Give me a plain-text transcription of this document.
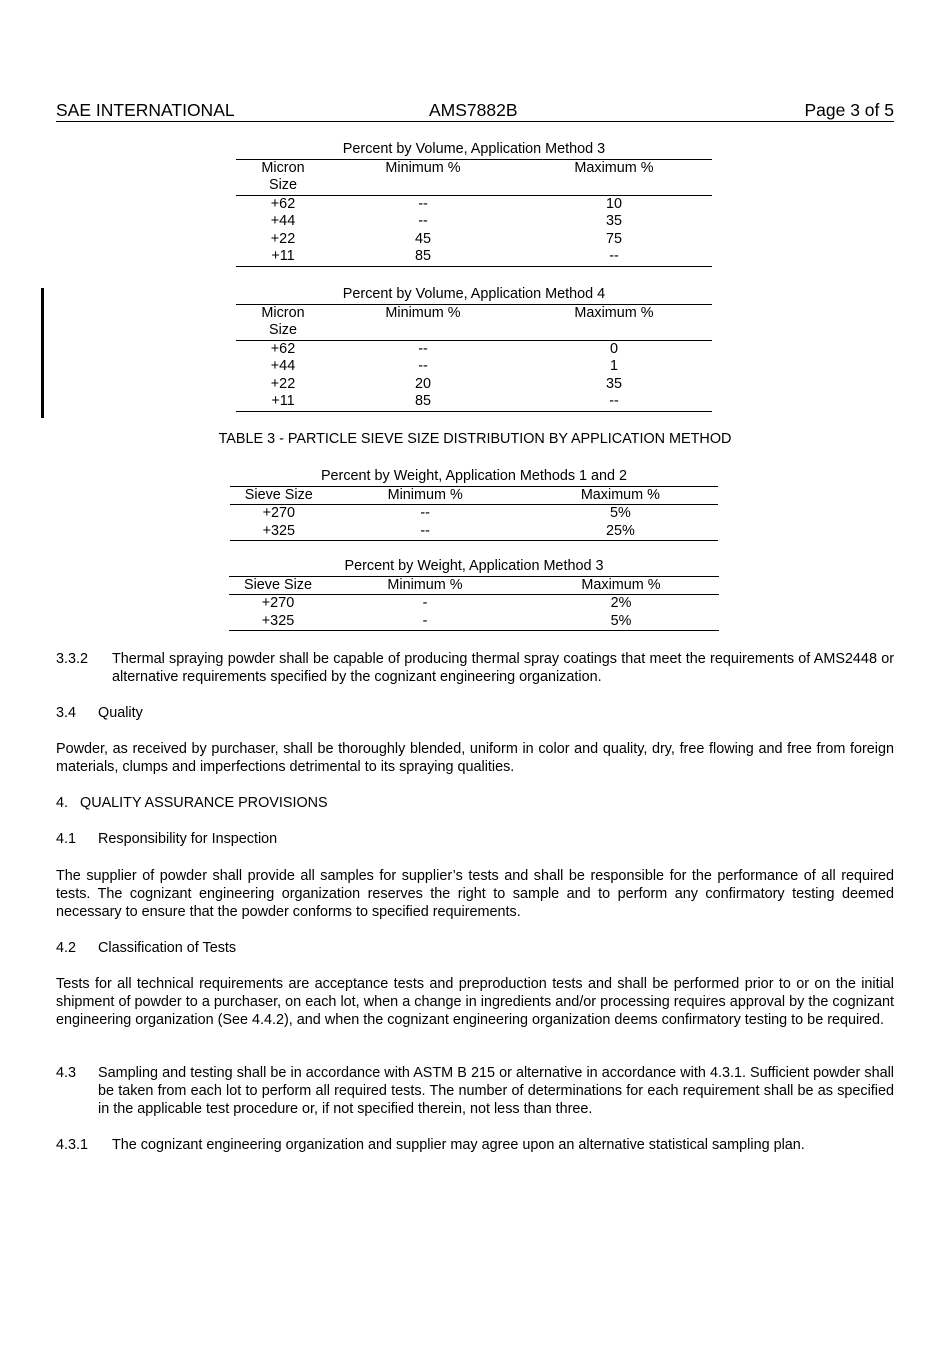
SAE INTERNATIONAL	AMS7882B	Page 3 of 5
Percent by Volume, Application Method 3
Micron
Size
Minimum %	Maximum %
+62	--	10
+44	--	35
+22	45	75
+11	85	--
Percent by Volume, Application Method 4
Micron
Size
Minimum %	Maximum %
+62	--	0
+44	--	1
+22	20	35
+11	85	--
TABLE 3 - PARTICLE SIEVE SIZE DISTRIBUTION BY APPLICATION METHOD
Percent by Weight, Application Methods 1 and 2
Sieve Size	Minimum %	Maximum %
+270	--	5%
+325	--	25%
Percent by Weight, Application Method 3
Sieve Size	Minimum %	Maximum %
+270	-	2%
+325	-	5%
3.3.2 Thermal spraying powder shall be capable of producing thermal spray coatings that meet the requirements of AMS2448 or alternative requirements specified by the cognizant engineering organization.
3.4 Quality
Powder, as received by purchaser, shall be thoroughly blended, uniform in color and quality, dry, free flowing and free from foreign materials, clumps and imperfections detrimental to its spraying qualities.
4.   QUALITY ASSURANCE PROVISIONS
4.1 Responsibility for Inspection
The supplier of powder shall provide all samples for supplier’s tests and shall be responsible for the performance of all required tests. The cognizant engineering organization reserves the right to sample and to perform any confirmatory testing deemed necessary to ensure that the powder conforms to specified requirements.
4.2 Classification of Tests
Tests for all technical requirements are acceptance tests and preproduction tests and shall be performed prior to or on the initial shipment of powder to a purchaser, on each lot, when a change in ingredients and/or processing requires approval by the cognizant engineering organization (See 4.4.2), and when the cognizant engineering organization deems confirmatory testing to be required.
4.3 Sampling and testing shall be in accordance with ASTM B 215 or alternative in accordance with 4.3.1. Sufficient powder shall be taken from each lot to perform all required tests. The number of determinations for each requirement shall be as specified in the applicable test procedure or, if not specified therein, not less than three.
4.3.1 The cognizant engineering organization and supplier may agree upon an alternative statistical sampling plan.
